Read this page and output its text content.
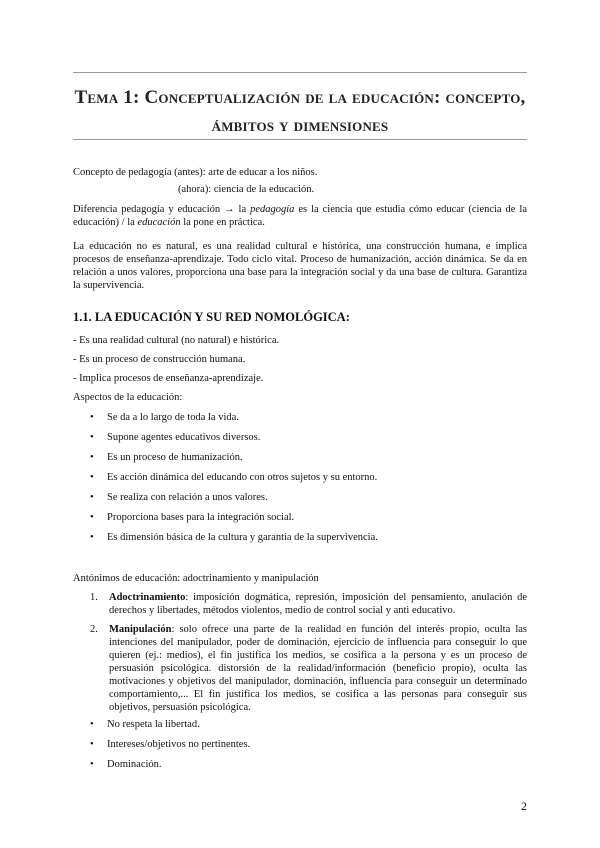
Tema 1: Conceptualización de la educación: concepto,
ámbitos y dimensiones
Concepto de pedagogía (antes): arte de educar a los niños.
(ahora): ciencia de la educación.
Diferencia pedagogía y educación → la pedagogía es la ciencia que estudia cómo educar (ciencia de la educación) / la educación la pone en práctica.
La educación no es natural, es una realidad cultural e histórica, una construcción humana, e implica procesos de enseñanza-aprendizaje. Todo ciclo vital. Proceso de humanización, acción dinámica. Se da en relación a unos valores, proporciona una base para la integración social y da una base de cultura. Garantiza la supervivencia.
1.1. LA EDUCACIÓN Y SU RED NOMOLÓGICA:
- Es una realidad cultural (no natural) e histórica.
- Es un proceso de construcción humana.
- Implica procesos de enseñanza-aprendizaje.
Aspectos de la educación:
• Se da a lo largo de toda la vida.
• Supone agentes educativos diversos.
• Es un proceso de humanización.
• Es acción dinámica del educando con otros sujetos y su entorno.
• Se realiza con relación a unos valores.
• Proporciona bases para la integración social.
• Es dimensión básica de la cultura y garantía de la supervivencia.
Antónimos de educación: adoctrinamiento y manipulación
1. Adoctrinamiento: imposición dogmática, represión, imposición del pensamiento, anulación de derechos y libertades, métodos violentos, medio de control social y anti educativo.
2. Manipulación: solo ofrece una parte de la realidad en función del interés propio, oculta las intenciones del manipulador, poder de dominación, ejercicio de influencia para conseguir lo que quieren (ej.: medios), el fin justifica los medios, se cosifica a la persona y es un proceso de persuasión psicológica. distorsión de la realidad/información (beneficio propio), oculta las motivaciones y objetivos del manipulador, dominación, influencia para conseguir un determinado comportamiento,... El fin justifica los medios, se cosifica a las personas para conseguir sus objetivos, persuasión psicológica.
• No respeta la libertad.
• Intereses/objetivos no pertinentes.
• Dominación.
2
